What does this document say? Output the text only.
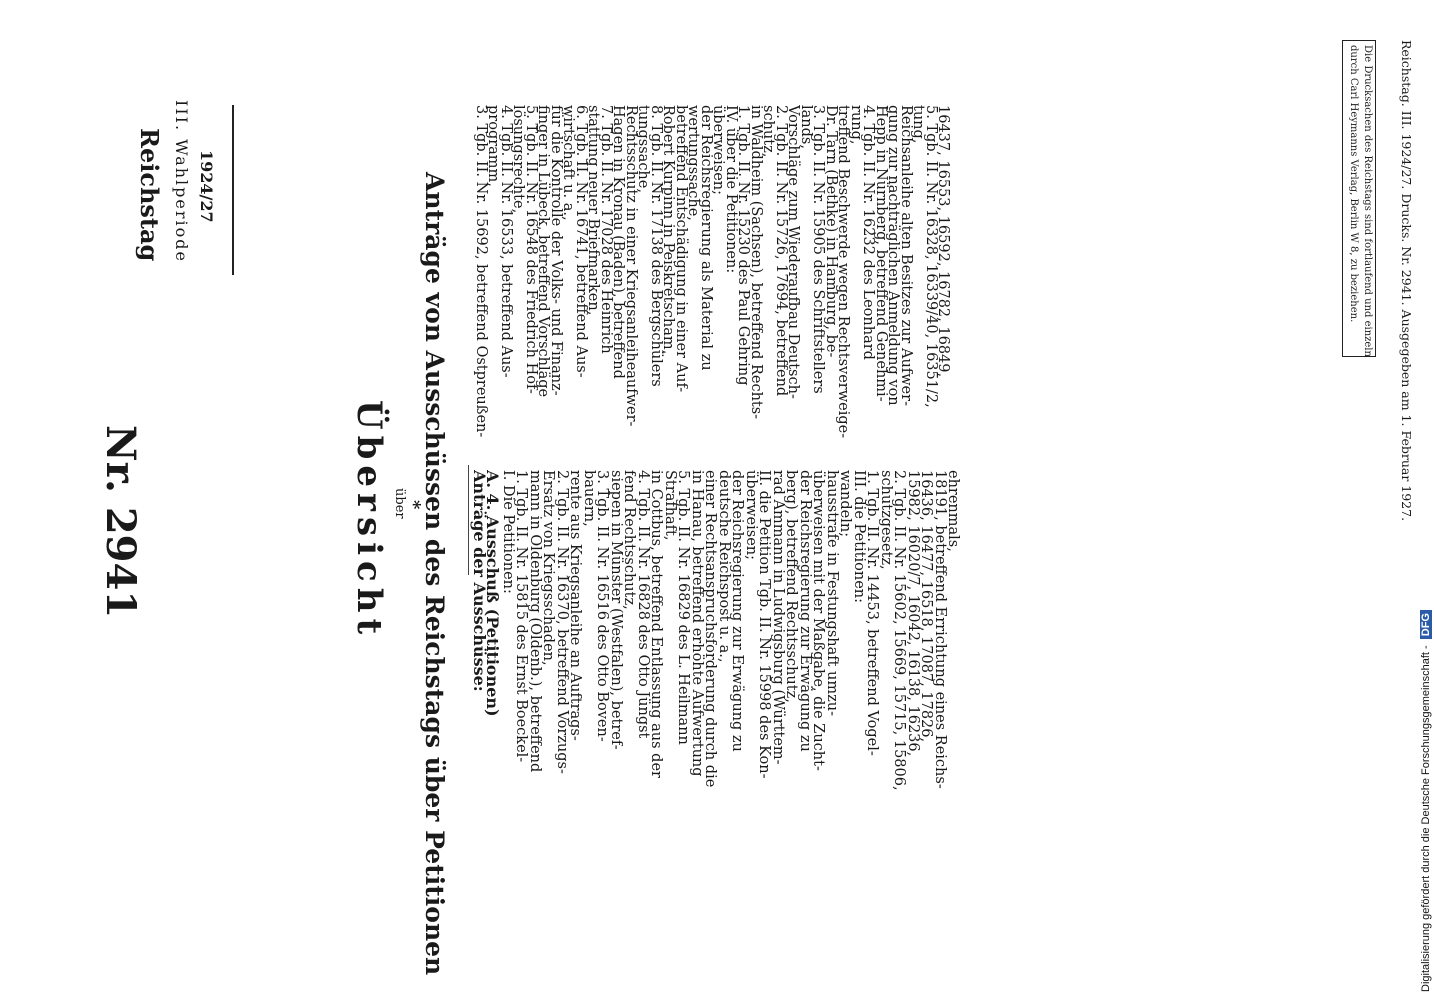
Nr. 2941
Reichstag III. Wahlperiode 1924/27
Übersicht über Anträge von Ausschüssen des Reichstags über Petitionen	Reichstag. III. 1924/27. Drucks. Nr. 2941. Ausgegeben am 1. Februar 1927.
Die Drucksachen des Reichstags sind fortlaufend und einzeln
durch Carl Heymanns Verlag, Berlin W 8, zu beziehen.
*	Anträge der Ausschüsse:
A. 4. Ausschuß (Petitionen)
I. Die Petitionen:
1. Tgb. II. Nr. 15815 des Ernst Boeckel-
mann in Oldenburg (Oldenb.), betreffend
Ersatz von Kriegsschaden,
2. Tgb. II. Nr. 16370, betreffend Vorzugs-
rente aus Kriegsanleihe an Auftrags-
bauern,
3. Tgb. II. Nr. 16516 des Otto Boven-
siepen in Münster (Westfalen), betref-
fend Rechtsschutz,
4. Tgb. II. Nr. 16828 des Otto Jüngst
in Cottbus, betreffend Entlassung aus der
Strafhaft,
5. Tgb. II. Nr. 16829 des L. Heilmann
in Hanau, betreffend erhöhte Aufwertung
einer Rechtsanspruchsforderung durch die
deutsche Reichspost u. a.,
der Reichsregierung zur Erwägung zu
überweisen;
II. die Petition Tgb. II. Nr. 15998 des Kon-
rad Ammann in Ludwigsburg (Württem-
berg), betreffend Rechtsschutz,
der Reichsregierung zur Erwägung zu
überweisen mit der Maßgabe, die Zucht-
hausstrafe in Festungshaft umzu-
wandeln;
III. die Petitionen:
1. Tgb. II. Nr. 14453, betreffend Vogel-
schutzgesetz,
2. Tgb. II. Nr. 15602, 15669, 15715, 15806,
15982, 16020/7, 16042, 16138, 16236,
16436, 16477, 16518, 17087, 17826,
18191, betreffend Errichtung eines Reichs-
ehrenmals,
3. Tgb. II. Nr. 15692, betreffend Ostpreußen-
programm,
4. Tgb. II. Nr. 16533, betreffend Aus-
lösungsrechte,
5. Tgb. II. Nr. 16548 des Friedrich Hof-
finger in Lübeck, betreffend Vorschläge
für die Kontrolle der Volks- und Finanz-
wirtschaft u. a.,
6. Tgb. II. Nr. 16741, betreffend Aus-
stattung neuer Briefmarken,
7. Tgb. II. Nr. 17028 des Heinrich
Hagen in Kronau (Baden), betreffend
Rechtsschutz in einer Kriegsanleiheaufwer-
tungssache,
8. Tgb. II. Nr. 17138 des Bergschülers
Robert Kurpinn in Peiskretscham,
betreffend Entschädigung in einer Auf-
wertungssache,
der Reichsregierung als Material zu
überweisen;
IV. über die Petitionen:
1. Tgb. II. Nr. 15230 des Paul Gehring
in Waldheim (Sachsen), betreffend Rechts-
schutz,
2. Tgb. II. Nr. 15726, 17694, betreffend
Vorschläge zum Wiederaufbau Deutsch-
lands,
3. Tgb. II. Nr. 15905 des Schriftstellers
Dr. Tarn (Bethke) in Hamburg, be-
treffend Beschwerde wegen Rechtsverweige-
rung,
4. Tgb. II. Nr. 16232 des Leonhard
Hepp in Nürnberg, betreffend Genehmi-
gung zur nachträglichen Anmeldung von
Reichsanleihe alten Besitzes zur Aufwer-
tung,
5. Tgb. II. Nr. 16328, 16339/40, 16351/2,
16437, 16553, 16592, 16782, 16849,
Digitalisierung gefördert durch die Deutsche Forschungsgemeinschaft - DFG
